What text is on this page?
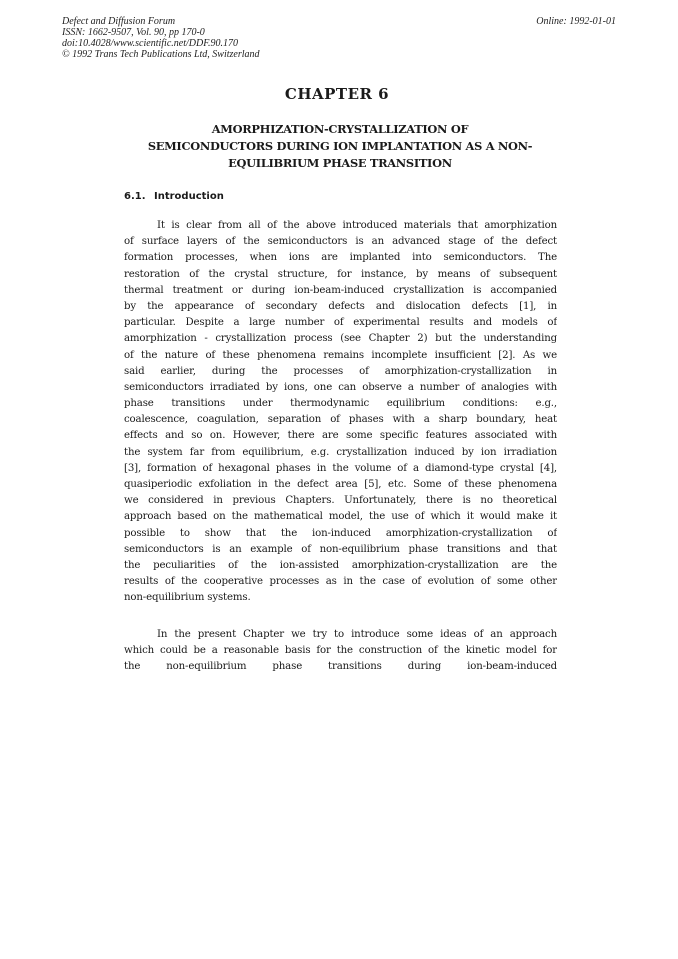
Defect and Diffusion Forum
ISSN: 1662-9507, Vol. 90, pp 170-0
doi:10.4028/www.scientific.net/DDF.90.170
© 1992 Trans Tech Publications Ltd, Switzerland
Online: 1992-01-01
CHAPTER 6
AMORPHIZATION-CRYSTALLIZATION OF
SEMICONDUCTORS DURING ION IMPLANTATION AS A NON-
EQUILIBRIUM PHASE TRANSITION
6.1. Introduction
It is clear from all of the above introduced materials that amorphization
of surface layers of the semiconductors is an advanced stage of the defect
formation processes, when ions are implanted into semiconductors. The
restoration of the crystal structure, for instance, by means of subsequent
thermal treatment or during ion-beam-induced crystallization is accompanied
by the appearance of secondary defects and dislocation defects [1], in
particular. Despite a large number of experimental results and models of
amorphization - crystallization process (see Chapter 2) but the understanding
of the nature of these phenomena remains incomplete insufficient [2]. As we
said earlier, during the processes of amorphization-crystallization in
semiconductors irradiated by ions, one can observe a number of analogies with
phase transitions under thermodynamic equilibrium conditions: e.g.,
coalescence, coagulation, separation of phases with a sharp boundary, heat
effects and so on. However, there are some specific features associated with
the system far from equilibrium, e.g. crystallization induced by ion irradiation
[3], formation of hexagonal phases in the volume of a diamond-type crystal [4],
quasiperiodic exfoliation in the defect area [5], etc. Some of these phenomena
we considered in previous Chapters. Unfortunately, there is no theoretical
approach based on the mathematical model, the use of which it would make it
possible to show that the ion-induced amorphization-crystallization of
semiconductors is an example of non-equilibrium phase transitions and that
the peculiarities of the ion-assisted amorphization-crystallization are the
results of the cooperative processes as in the case of evolution of some other
non-equilibrium systems.
In the present Chapter we try to introduce some ideas of an approach
which could be a reasonable basis for the construction of the kinetic model for
the non-equilibrium phase transitions during ion-beam-induced
